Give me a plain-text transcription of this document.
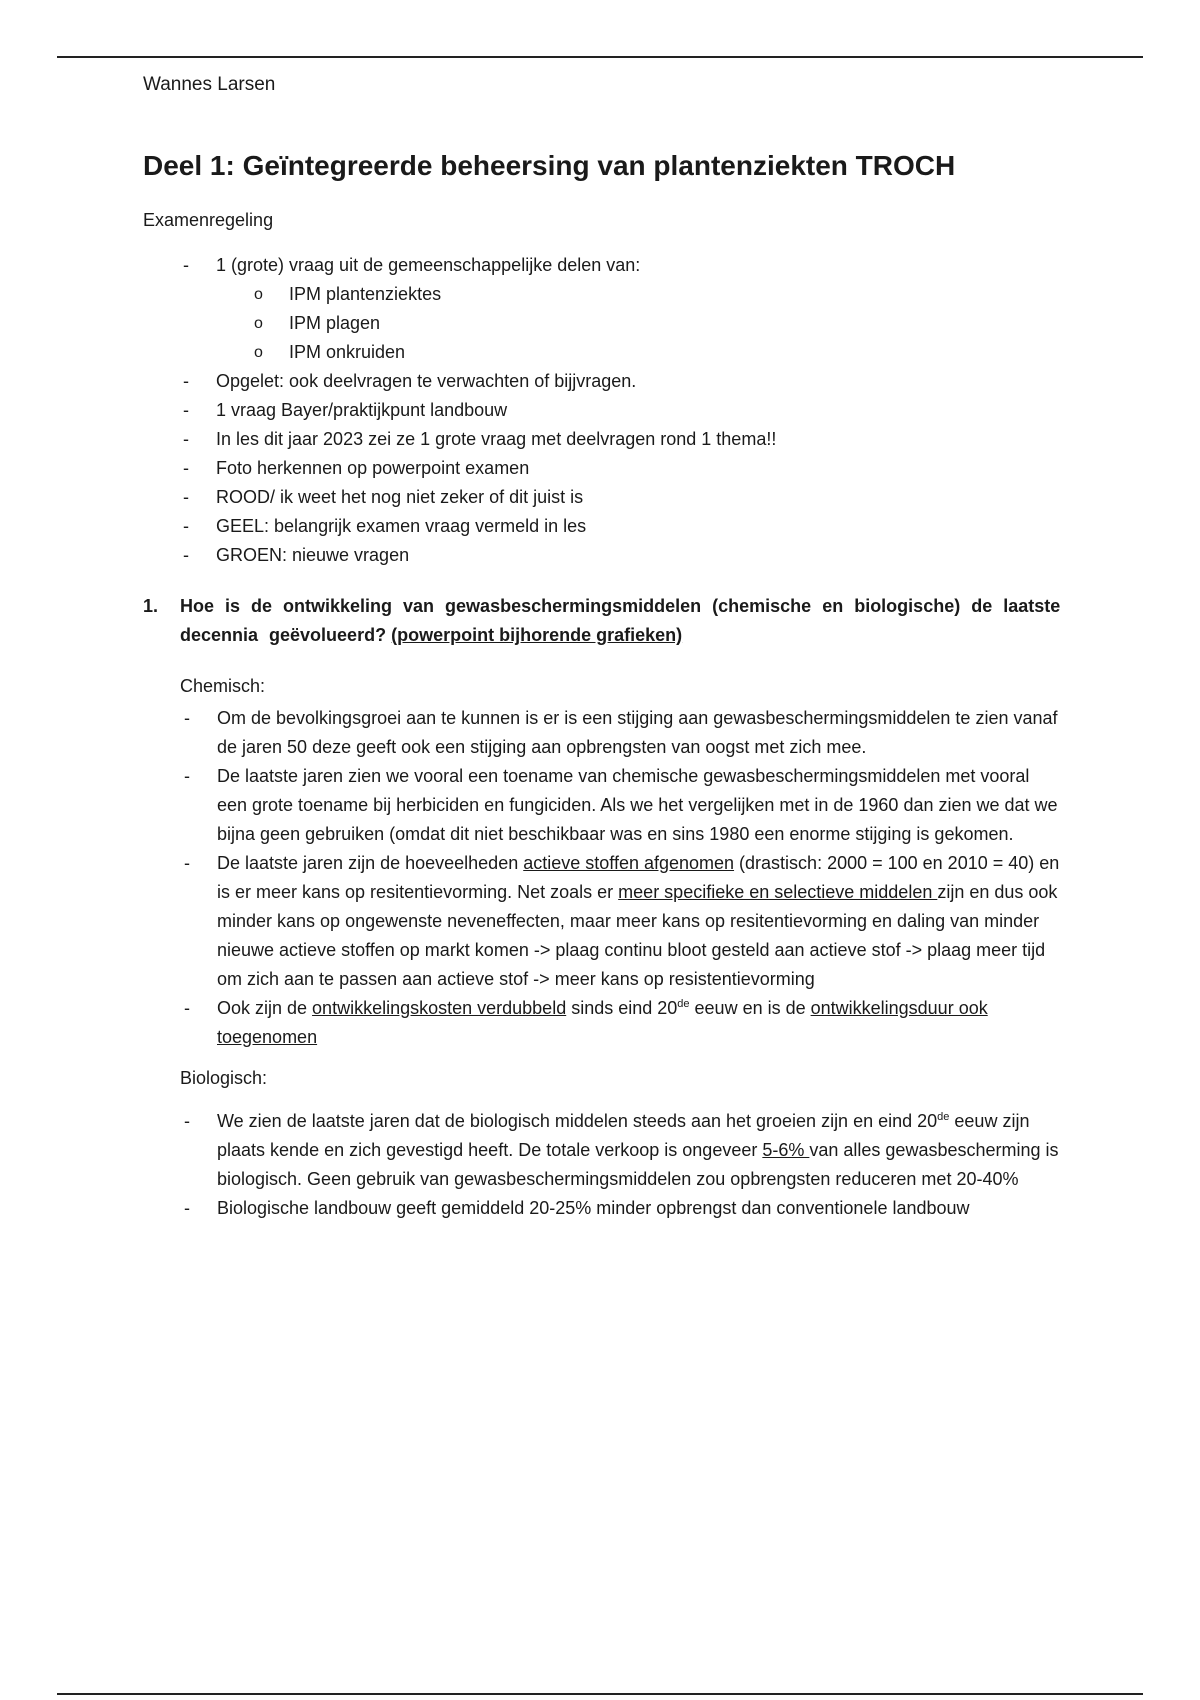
Wannes Larsen
Deel 1: Geïntegreerde beheersing van plantenziekten TROCH
Examenregeling
- 1 (grote) vraag uit de gemeenschappelijke delen van:
o IPM plantenziektes
o IPM plagen
o IPM onkruiden
- Opgelet: ook deelvragen te verwachten of bijjvragen.
- 1 vraag Bayer/praktijkpunt landbouw
- In les dit jaar 2023 zei ze 1 grote vraag met deelvragen rond 1 thema!!
- Foto herkennen op powerpoint examen
- ROOD/ ik weet het nog niet zeker of dit juist is
- GEEL: belangrijk examen vraag vermeld in les
- GROEN: nieuwe vragen
1. Hoe is de ontwikkeling van gewasbeschermingsmiddelen (chemische en biologische) de laatste decennia geëvolueerd? (powerpoint bijhorende grafieken)
Chemisch:
- Om de bevolkingsgroei aan te kunnen is er is een stijging aan gewasbeschermingsmiddelen te zien vanaf de jaren 50 deze geeft ook een stijging aan opbrengsten van oogst met zich mee.
- De laatste jaren zien we vooral een toename van chemische gewasbeschermingsmiddelen met vooral een grote toename bij herbiciden en fungiciden. Als we het vergelijken met in de 1960 dan zien we dat we bijna geen gebruiken (omdat dit niet beschikbaar was en sins 1980 een enorme stijging is gekomen.
- De laatste jaren zijn de hoeveelheden actieve stoffen afgenomen (drastisch: 2000 = 100 en 2010 = 40) en is er meer kans op resitentievorming. Net zoals er meer specifieke en selectieve middelen zijn en dus ook minder kans op ongewenste neveneffecten, maar meer kans op resitentievorming en daling van minder nieuwe actieve stoffen op markt komen -> plaag continu bloot gesteld aan actieve stof -> plaag meer tijd om zich aan te passen aan actieve stof -> meer kans op resistentievorming
- Ook zijn de ontwikkelingskosten verdubbeld sinds eind 20de eeuw en is de ontwikkelingsduur ook toegenomen
Biologisch:
- We zien de laatste jaren dat de biologisch middelen steeds aan het groeien zijn en eind 20de eeuw zijn plaats kende en zich gevestigd heeft. De totale verkoop is ongeveer 5-6% van alles gewasbescherming is biologisch. Geen gebruik van gewasbeschermingsmiddelen zou opbrengsten reduceren met 20-40%
- Biologische landbouw geeft gemiddeld 20-25% minder opbrengst dan conventionele landbouw
